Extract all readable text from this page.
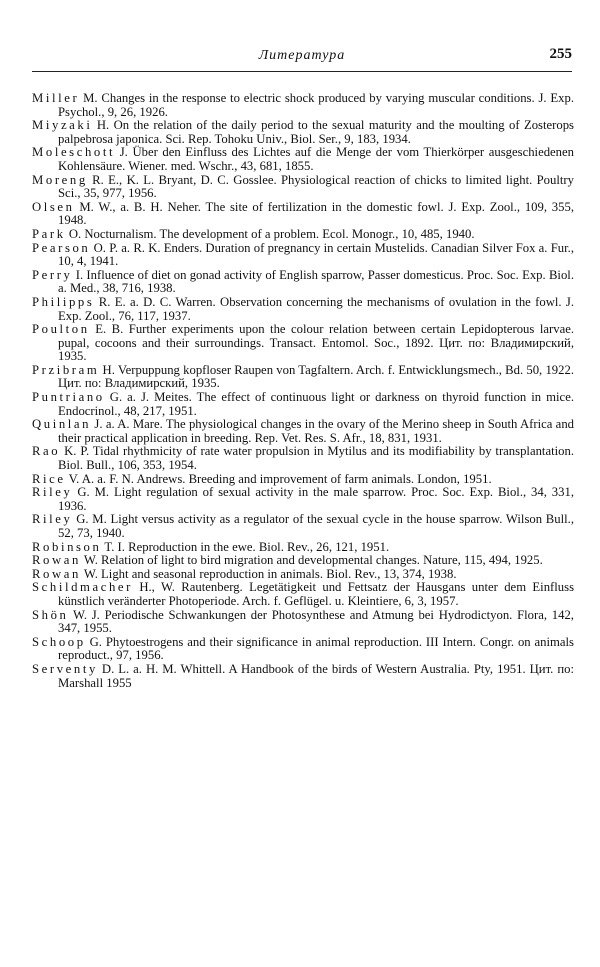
Литература	255

Miller M. Changes in the response to electric shock produced by varying muscular conditions. J. Exp. Psychol., 9, 26, 1926.

Miyzaki H. On the relation of the daily period to the sexual maturity and the moulting of Zosterops palpebrosa japonica. Sci. Rep. Tohoku Univ., Biol. Ser., 9, 183, 1934.

Moleschott J. Über den Einfluss des Lichtes auf die Menge der vom Thierkörper ausgeschiedenen Kohlensäure. Wiener. med. Wschr., 43, 681, 1855.

Moreng R. E., K. L. Bryant, D. C. Gosslee. Physiological reaction of chicks to limited light. Poultry Sci., 35, 977, 1956.

Olsen M. W., a. B. H. Neher. The site of fertilization in the domestic fowl. J. Exp. Zool., 109, 355, 1948.

Park O. Nocturnalism. The development of a problem. Ecol. Monogr., 10, 485, 1940.

Pearson O. P. a. R. K. Enders. Duration of pregnancy in certain Mustelids. Canadian Silver Fox a. Fur., 10, 4, 1941.

Perry I. Influence of diet on gonad activity of English sparrow, Passer domesticus. Proc. Soc. Exp. Biol. a. Med., 38, 716, 1938.

Philipps R. E. a. D. C. Warren. Observation concerning the mechanisms of ovulation in the fowl. J. Exp. Zool., 76, 117, 1937.

Poulton E. B. Further experiments upon the colour relation between certain Lepidopterous larvae. pupal, cocoons and their surroundings. Transact. Entomol. Soc., 1892. Цит. по: Владимирский, 1935.

Przibram H. Verpuppung kopfloser Raupen von Tagfaltern. Arch. f. Entwicklungsmech., Bd. 50, 1922. Цит. по: Владимирский, 1935.

Puntriano G. a. J. Meites. The effect of continuous light or darkness on thyroid function in mice. Endocrinol., 48, 217, 1951.

Quinlan J. a. A. Mare. The physiological changes in the ovary of the Merino sheep in South Africa and their practical application in breeding. Rep. Vet. Res. S. Afr., 18, 831, 1931.

Rao K. P. Tidal rhythmicity of rate water propulsion in Mytilus and its modifiability by transplantation. Biol. Bull., 106, 353, 1954.

Rice V. A. a. F. N. Andrews. Breeding and improvement of farm animals. London, 1951.

Riley G. M. Light regulation of sexual activity in the male sparrow. Proc. Soc. Exp. Biol., 34, 331, 1936.

Riley G. M. Light versus activity as a regulator of the sexual cycle in the house sparrow. Wilson Bull., 52, 73, 1940.

Robinson T. I. Reproduction in the ewe. Biol. Rev., 26, 121, 1951.

Rowan W. Relation of light to bird migration and developmental changes. Nature, 115, 494, 1925.

Rowan W. Light and seasonal reproduction in animals. Biol. Rev., 13, 374, 1938.

Schildmacher H., W. Rautenberg. Legetätigkeit und Fettsatz der Hausgans unter dem Einfluss künstlich veränderter Photoperiode. Arch. f. Geflügel. u. Kleintiere, 6, 3, 1957.

Shön W. J. Periodische Schwankungen der Photosynthese and Atmung bei Hydrodictyon. Flora, 142, 347, 1955.

Schoop G. Phytoestrogens and their significance in animal reproduction. III Intern. Congr. on animals reproduct., 97, 1956.

Serventy D. L. a. H. M. Whittell. A Handbook of the birds of Western Australia. Pty, 1951. Цит. по: Marshall 1955
